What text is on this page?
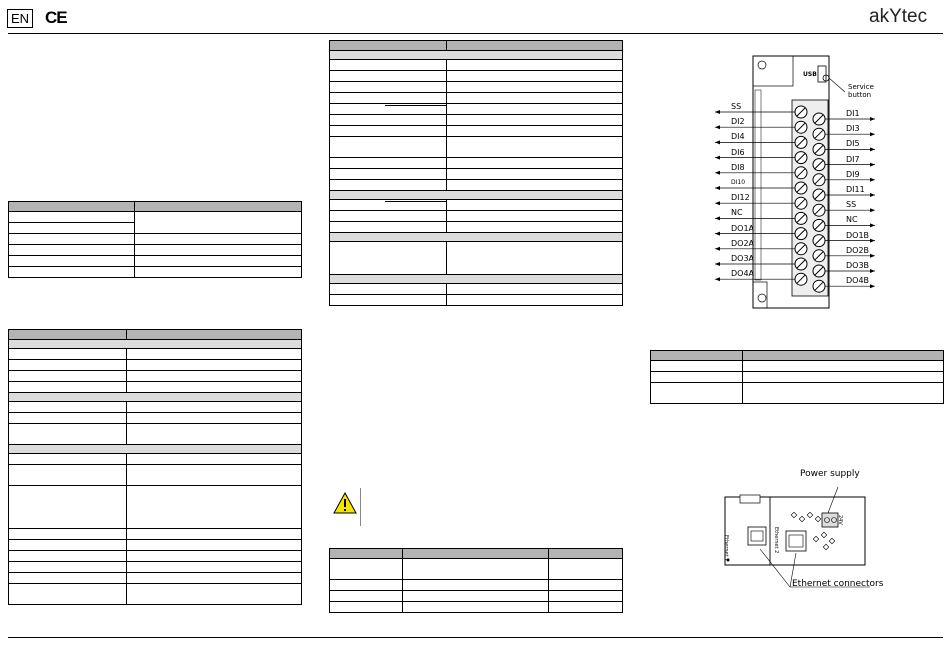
EN CE	akYtec

USB
Service
button
Power supply
Ethernet connectors
Ethernet 1	Ethernet 2
24V
SS
DI1
DI2
DI3
DI4
DI5
DI6
DI7
DI8
DI9
DI10
DI11
DI12
SS
NC
NC
DO1A
DO1B
DO2A
DO2B
DO3A
DO3B
DO4A
DO4B
